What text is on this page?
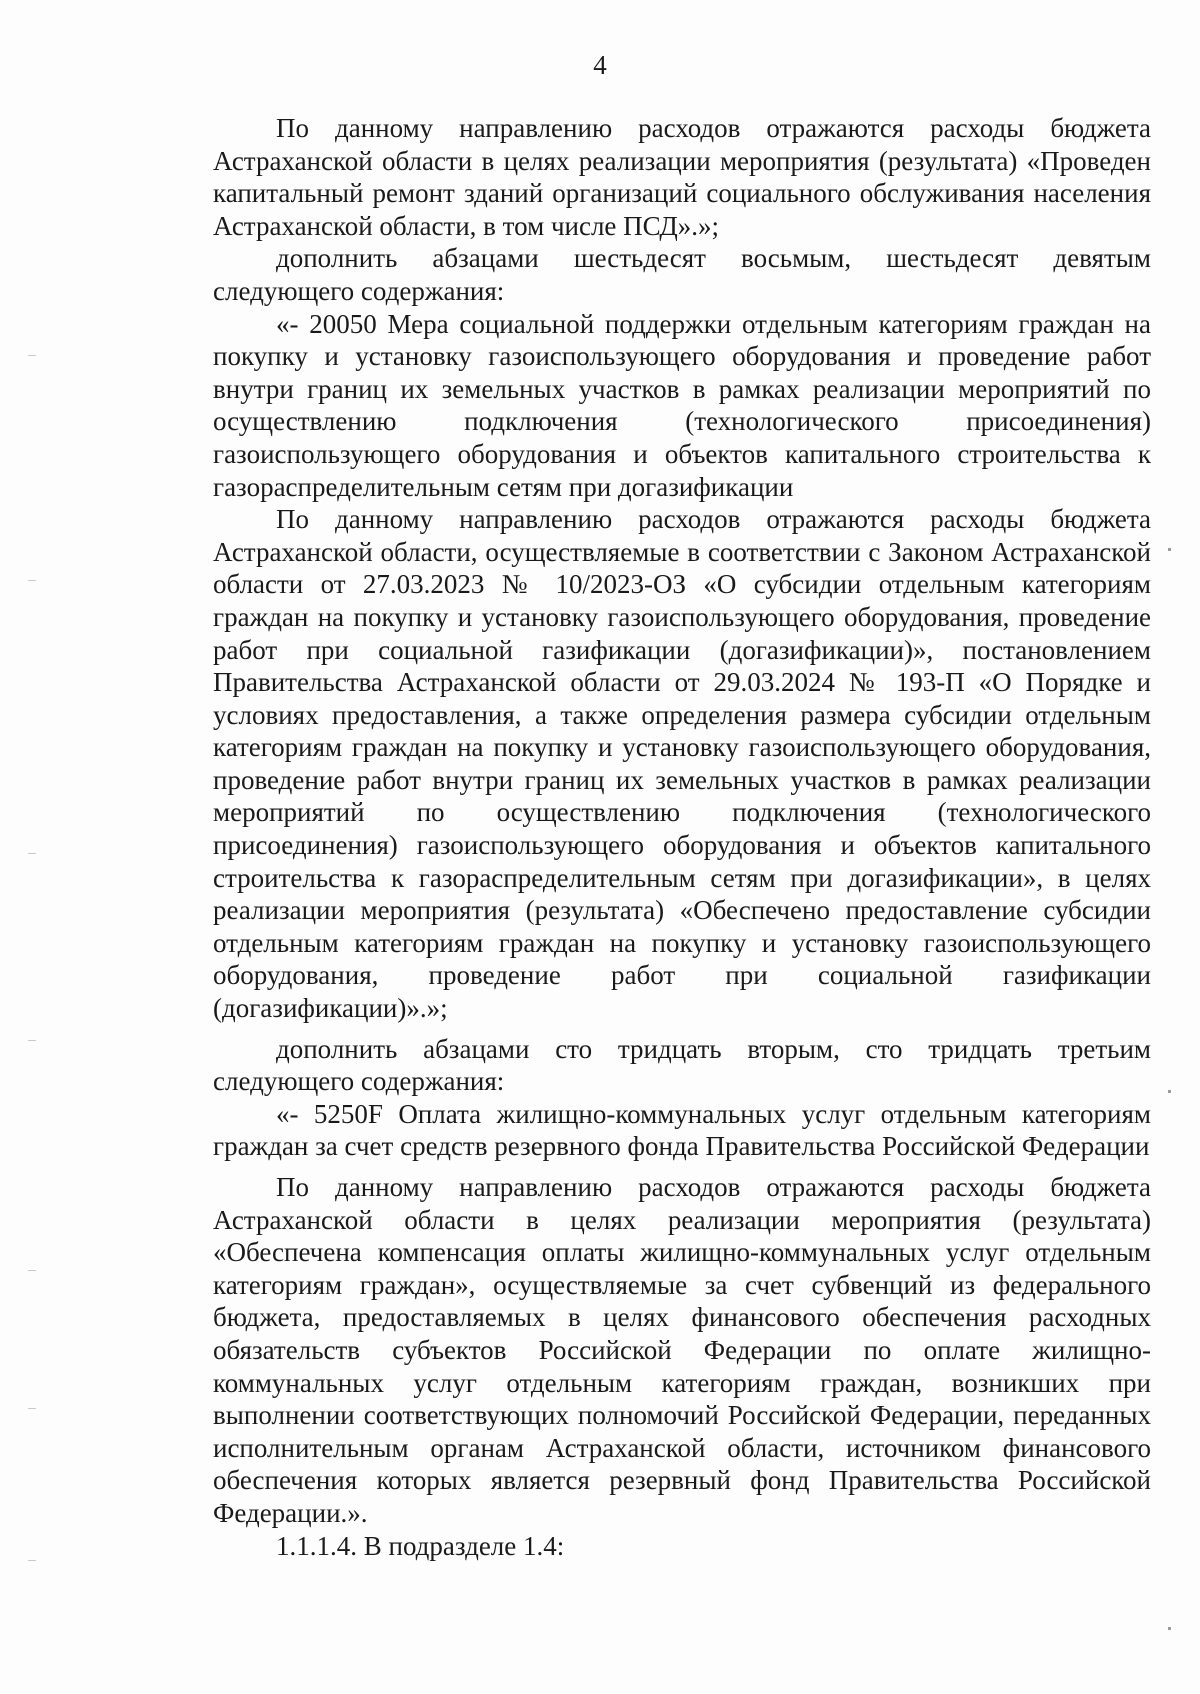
4

По данному направлению расходов отражаются расходы бюджета Астраханской области в целях реализации мероприятия (результата) «Проведен капитальный ремонт зданий организаций социального обслуживания населения Астраханской области, в том числе ПСД».»;

дополнить абзацами шестьдесят восьмым, шестьдесят девятым следующего содержания:

«- 20050 Мера социальной поддержки отдельным категориям граждан на покупку и установку газоиспользующего оборудования и проведение работ внутри границ их земельных участков в рамках реализации мероприятий по осуществлению подключения (технологического присоединения) газоиспользующего оборудования и объектов капитального строительства к газораспределительным сетям при догазификации

По данному направлению расходов отражаются расходы бюджета Астраханской области, осуществляемые в соответствии с Законом Астраханской области от 27.03.2023 № 10/2023-ОЗ «О субсидии отдельным категориям граждан на покупку и установку газоиспользующего оборудования, проведение работ при социальной газификации (догазификации)», постановлением Правительства Астраханской области от 29.03.2024 № 193-П «О Порядке и условиях предоставления, а также определения размера субсидии отдельным категориям граждан на покупку и установку газоиспользующего оборудования, проведение работ внутри границ их земельных участков в рамках реализации мероприятий по осуществлению подключения (технологического присоединения) газоиспользующего оборудования и объектов капитального строительства к газораспределительным сетям при догазификации», в целях реализации мероприятия (результата) «Обеспечено предоставление субсидии отдельным категориям граждан на покупку и установку газоиспользующего оборудования, проведение работ при социальной газификации (догазификации)».»;

дополнить абзацами сто тридцать вторым, сто тридцать третьим следующего содержания:

«- 5250F Оплата жилищно-коммунальных услуг отдельным категориям граждан за счет средств резервного фонда Правительства Российской Федерации

По данному направлению расходов отражаются расходы бюджета Астраханской области в целях реализации мероприятия (результата) «Обеспечена компенсация оплаты жилищно-коммунальных услуг отдельным категориям граждан», осуществляемые за счет субвенций из федерального бюджета, предоставляемых в целях финансового обеспечения расходных обязательств субъектов Российской Федерации по оплате жилищно-коммунальных услуг отдельным категориям граждан, возникших при выполнении соответствующих полномочий Российской Федерации, переданных исполнительным органам Астраханской области, источником финансового обеспечения которых является резервный фонд Правительства Российской Федерации.».

1.1.1.4. В подразделе 1.4:
